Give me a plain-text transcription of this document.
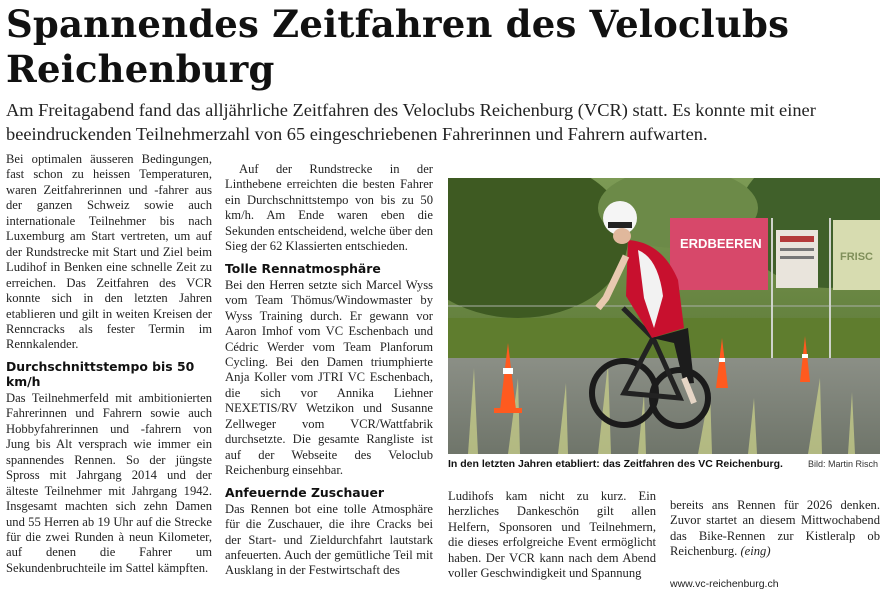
Spannendes Zeitfahren des Veloclubs Reichenburg

Am Freitagabend fand das alljährliche Zeitfahren des Veloclubs Reichenburg (VCR) statt. Es konnte mit einer beeindruckenden Teilnehmerzahl von 65 eingeschriebenen Fahrerinnen und Fahrern aufwarten.

Bei optimalen äusseren Bedingungen, fast schon zu heissen Temperaturen, waren Zeitfahrerinnen und -fahrer aus der ganzen Schweiz sowie auch internationale Teilnehmer bis nach Luxemburg am Start vertreten, um auf der Rundstrecke mit Start und Ziel beim Ludihof in Benken eine schnelle Zeit zu erreichen. Das Zeitfahren des VCR konnte sich in den letzten Jahren etablieren und gilt in weiten Kreisen der Renncracks als fester Termin im Rennkalender.

Durchschnittstempo bis 50 km/h

Das Teilnehmerfeld mit ambitionierten Fahrerinnen und Fahrern sowie auch Hobbyfahrerinnen und -fahrern von Jung bis Alt versprach wie immer ein spannendes Rennen. So der jüngste Spross mit Jahrgang 2014 und der älteste Teilnehmer mit Jahrgang 1942. Insgesamt machten sich zehn Damen und 55 Herren ab 19 Uhr auf die Strecke für die zwei Runden à neun Kilometer, auf denen die Fahrer um Sekundenbruchteile im Sattel kämpften.

Auf der Rundstrecke in der Linthebene erreichten die besten Fahrer ein Durchschnittstempo von bis zu 50 km/h. Am Ende waren eben die Sekunden entscheidend, welche über den Sieg der 62 Klassierten entschieden.

Tolle Rennatmosphäre

Bei den Herren setzte sich Marcel Wyss vom Team Thömus/Windowmaster by Wyss Training durch. Er gewann vor Aaron Imhof vom VC Eschenbach und Cédric Werder vom Team Planforum Cycling. Bei den Damen triumphierte Anja Koller vom JTRI VC Eschenbach, die sich vor Annika Liehner NEXETIS/RV Wetzikon und Susanne Zellweger vom VCR/Wattfabrik durchsetzte. Die gesamte Rangliste ist auf der Webseite des Veloclub Reichenburg einsehbar.

Anfeuernde Zuschauer

Das Rennen bot eine tolle Atmosphäre für die Zuschauer, die ihre Cracks bei der Start- und Zieldurchfahrt lautstark anfeuerten. Auch der gemütliche Teil mit Ausklang in der Festwirtschaft des

ERDBEEREN
FRISC
In den letzten Jahren etabliert: das Zeitfahren des VC Reichenburg.	Bild: Martin Risch

Ludihofs kam nicht zu kurz. Ein herzliches Dankeschön gilt allen Helfern, Sponsoren und Teilnehmern, die dieses erfolgreiche Event ermöglicht haben. Der VCR kann nach dem Abend voller Geschwindigkeit und Spannung

bereits ans Rennen für 2026 denken. Zuvor startet an diesem Mittwochabend das Bike-Rennen zur Kistleralp ob Reichenburg. (eing)

www.vc-reichenburg.ch
